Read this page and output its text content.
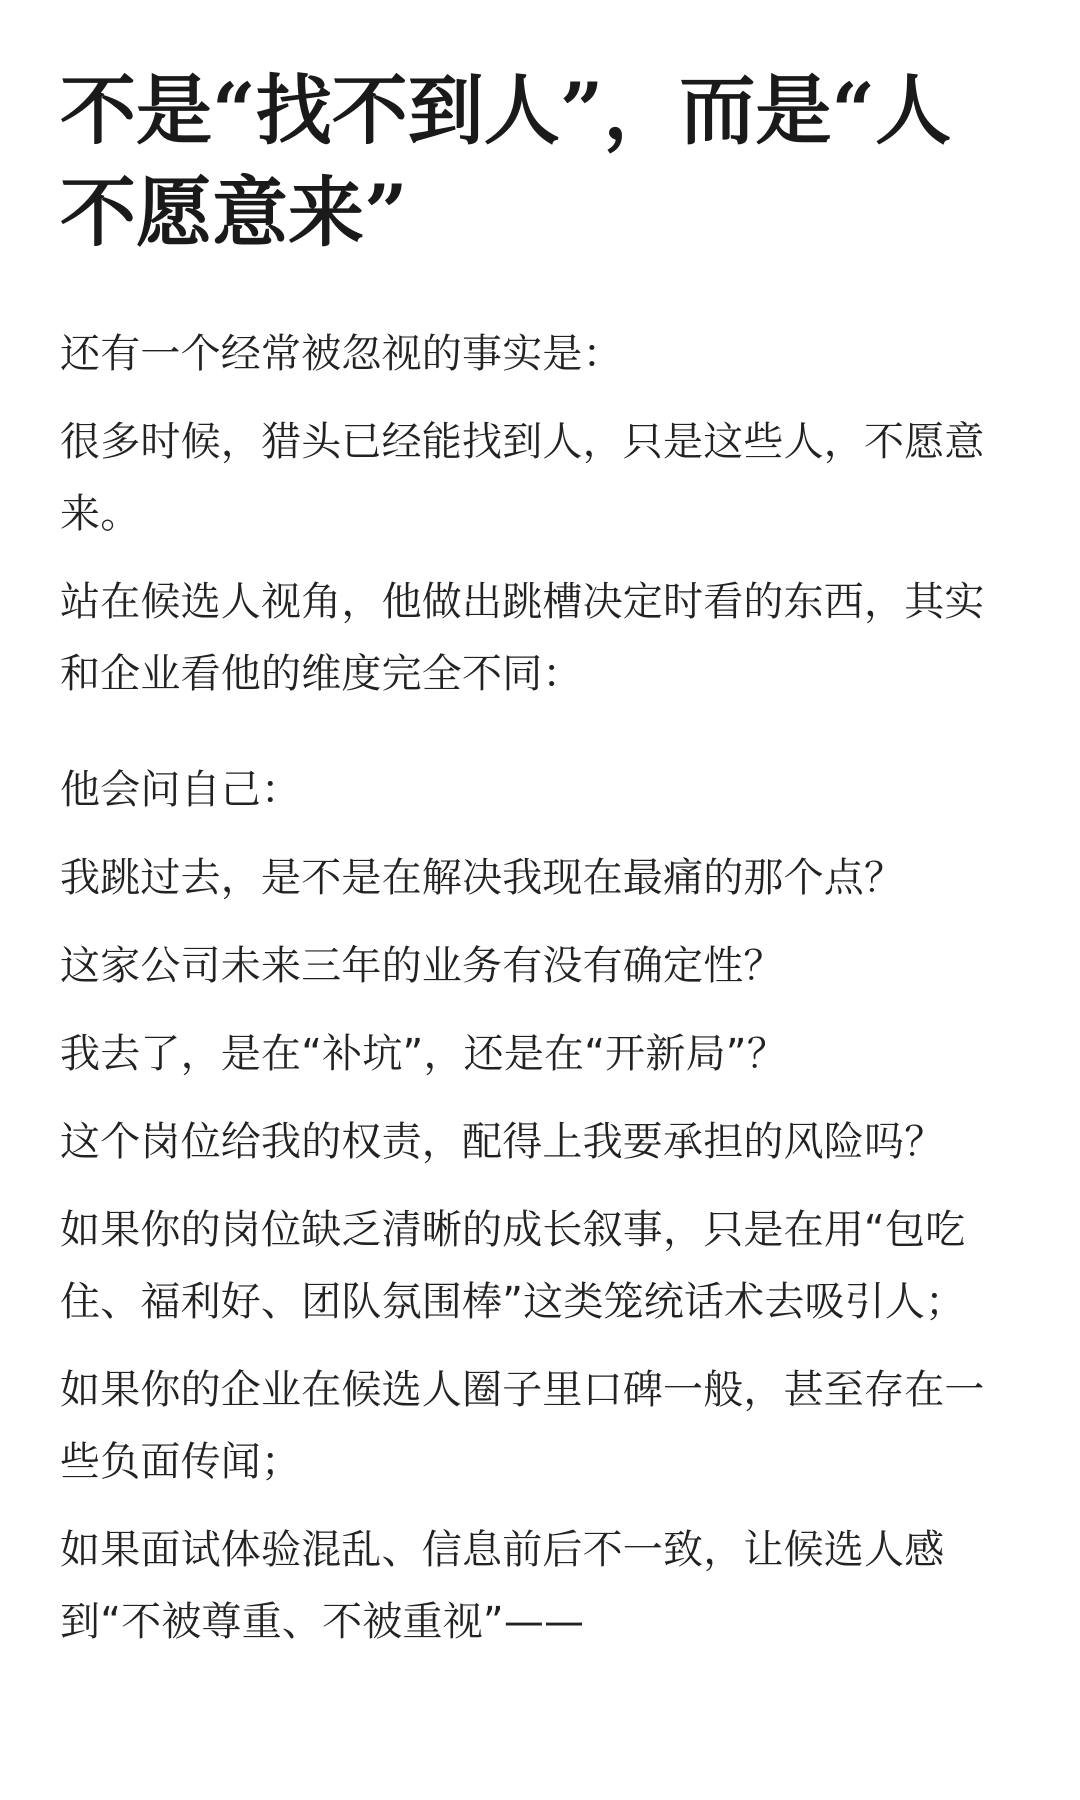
不是“找不到人”，而是“人不愿意来”

还有一个经常被忽视的事实是：

很多时候，猎头已经能找到人，只是这些人，不愿意来。

站在候选人视角，他做出跳槽决定时看的东西，其实和企业看他的维度完全不同：

他会问自己：

我跳过去，是不是在解决我现在最痛的那个点？

这家公司未来三年的业务有没有确定性？

我去了，是在“补坑”，还是在“开新局”？

这个岗位给我的权责，配得上我要承担的风险吗？

如果你的岗位缺乏清晰的成长叙事，只是在用“包吃住、福利好、团队氛围棒”这类笼统话术去吸引人；

如果你的企业在候选人圈子里口碑一般，甚至存在一些负面传闻；

如果面试体验混乱、信息前后不一致，让候选人感到“不被尊重、不被重视”——
